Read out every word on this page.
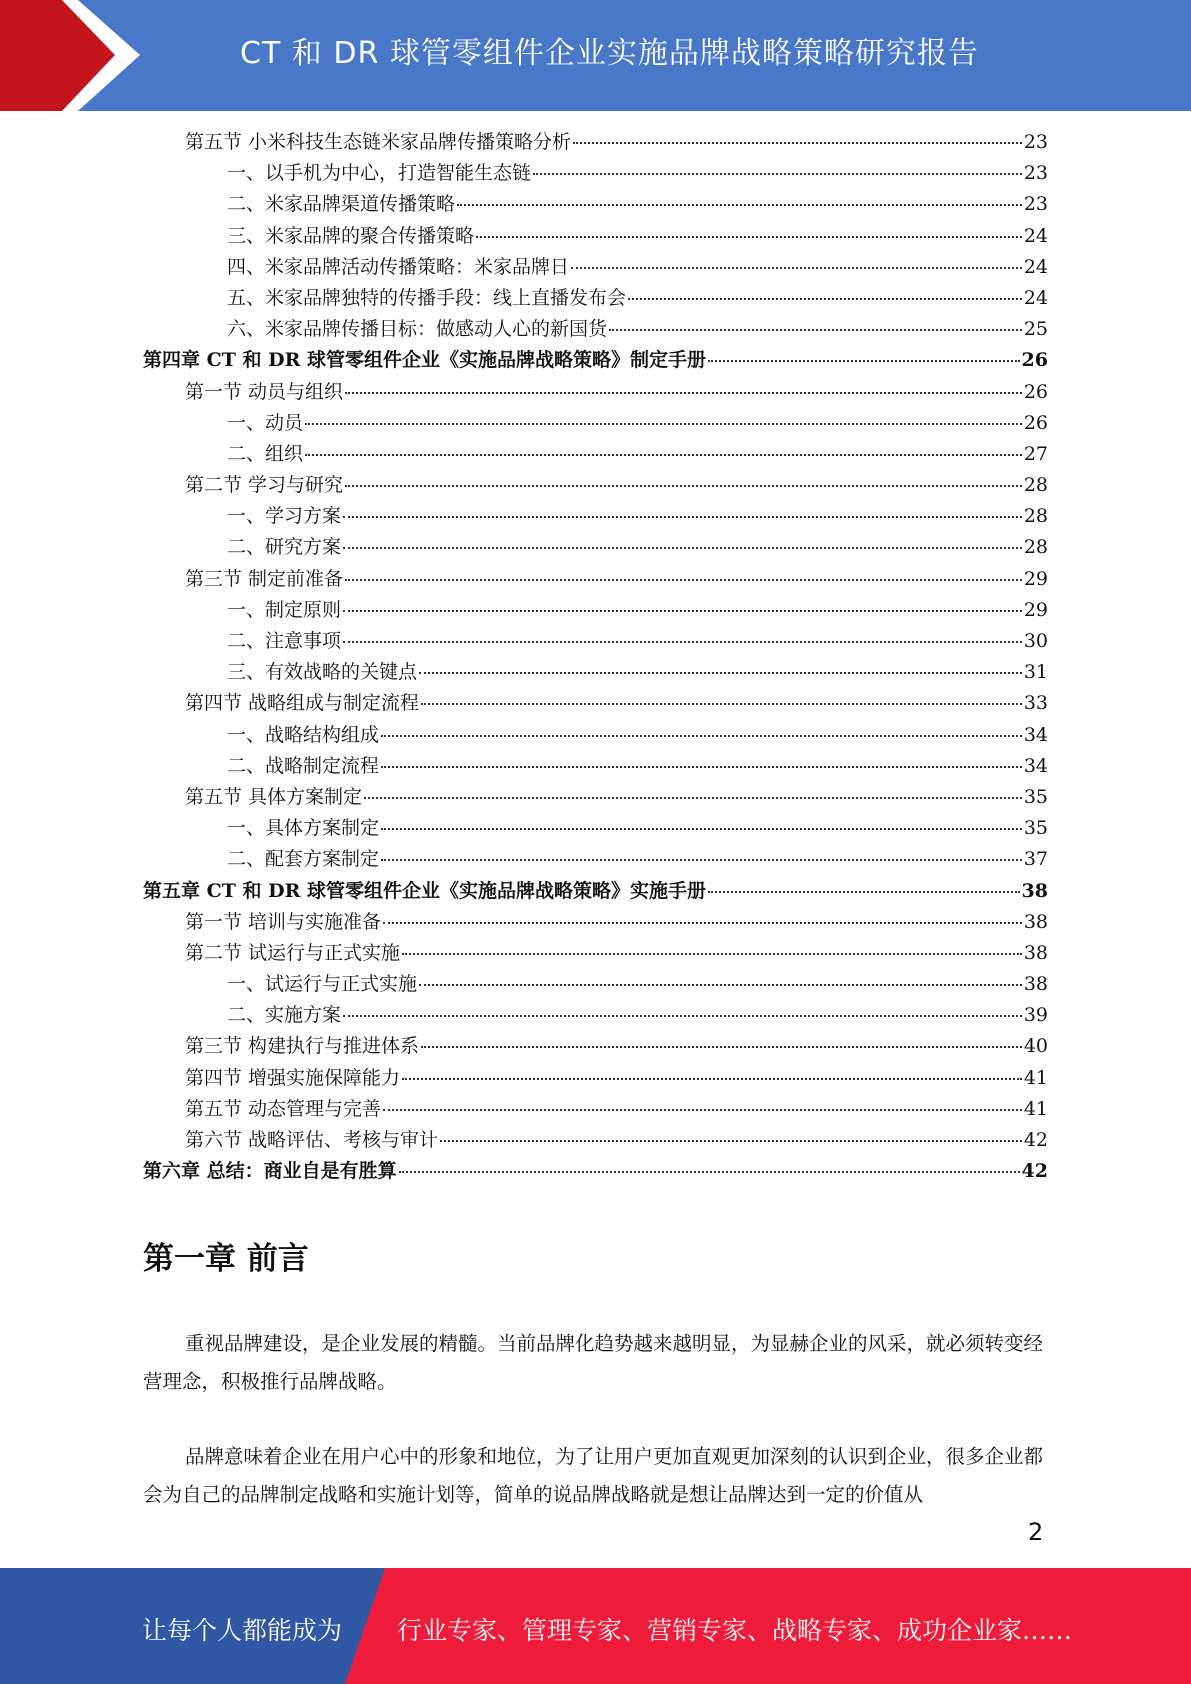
CT 和 DR 球管零组件企业实施品牌战略策略研究报告
第五节 小米科技生态链米家品牌传播策略分析	23
一、以手机为中心，打造智能生态链	23
二、米家品牌渠道传播策略	23
三、米家品牌的聚合传播策略	24
四、米家品牌活动传播策略：米家品牌日	24
五、米家品牌独特的传播手段：线上直播发布会	24
六、米家品牌传播目标：做感动人心的新国货	25
第四章 CT 和 DR 球管零组件企业《实施品牌战略策略》制定手册	26
第一节 动员与组织	26
一、动员	26
二、组织	27
第二节 学习与研究	28
一、学习方案	28
二、研究方案	28
第三节 制定前准备	29
一、制定原则	29
二、注意事项	30
三、有效战略的关键点	31
第四节 战略组成与制定流程	33
一、战略结构组成	34
二、战略制定流程	34
第五节 具体方案制定	35
一、具体方案制定	35
二、配套方案制定	37
第五章 CT 和 DR 球管零组件企业《实施品牌战略策略》实施手册	38
第一节 培训与实施准备	38
第二节 试运行与正式实施	38
一、试运行与正式实施	38
二、实施方案	39
第三节 构建执行与推进体系	40
第四节 增强实施保障能力	41
第五节 动态管理与完善	41
第六节 战略评估、考核与审计	42
第六章 总结：商业自是有胜算	42
第一章 前言

重视品牌建设，是企业发展的精髓。当前品牌化趋势越来越明显，为显赫企业的风采，就必须转变经营理念，积极推行品牌战略。

品牌意味着企业在用户心中的形象和地位，为了让用户更加直观更加深刻的认识到企业，很多企业都会为自己的品牌制定战略和实施计划等，简单的说品牌战略就是想让品牌达到一定的价值从

2
让每个人都能成为 行业专家、管理专家、营销专家、战略专家、成功企业家……
